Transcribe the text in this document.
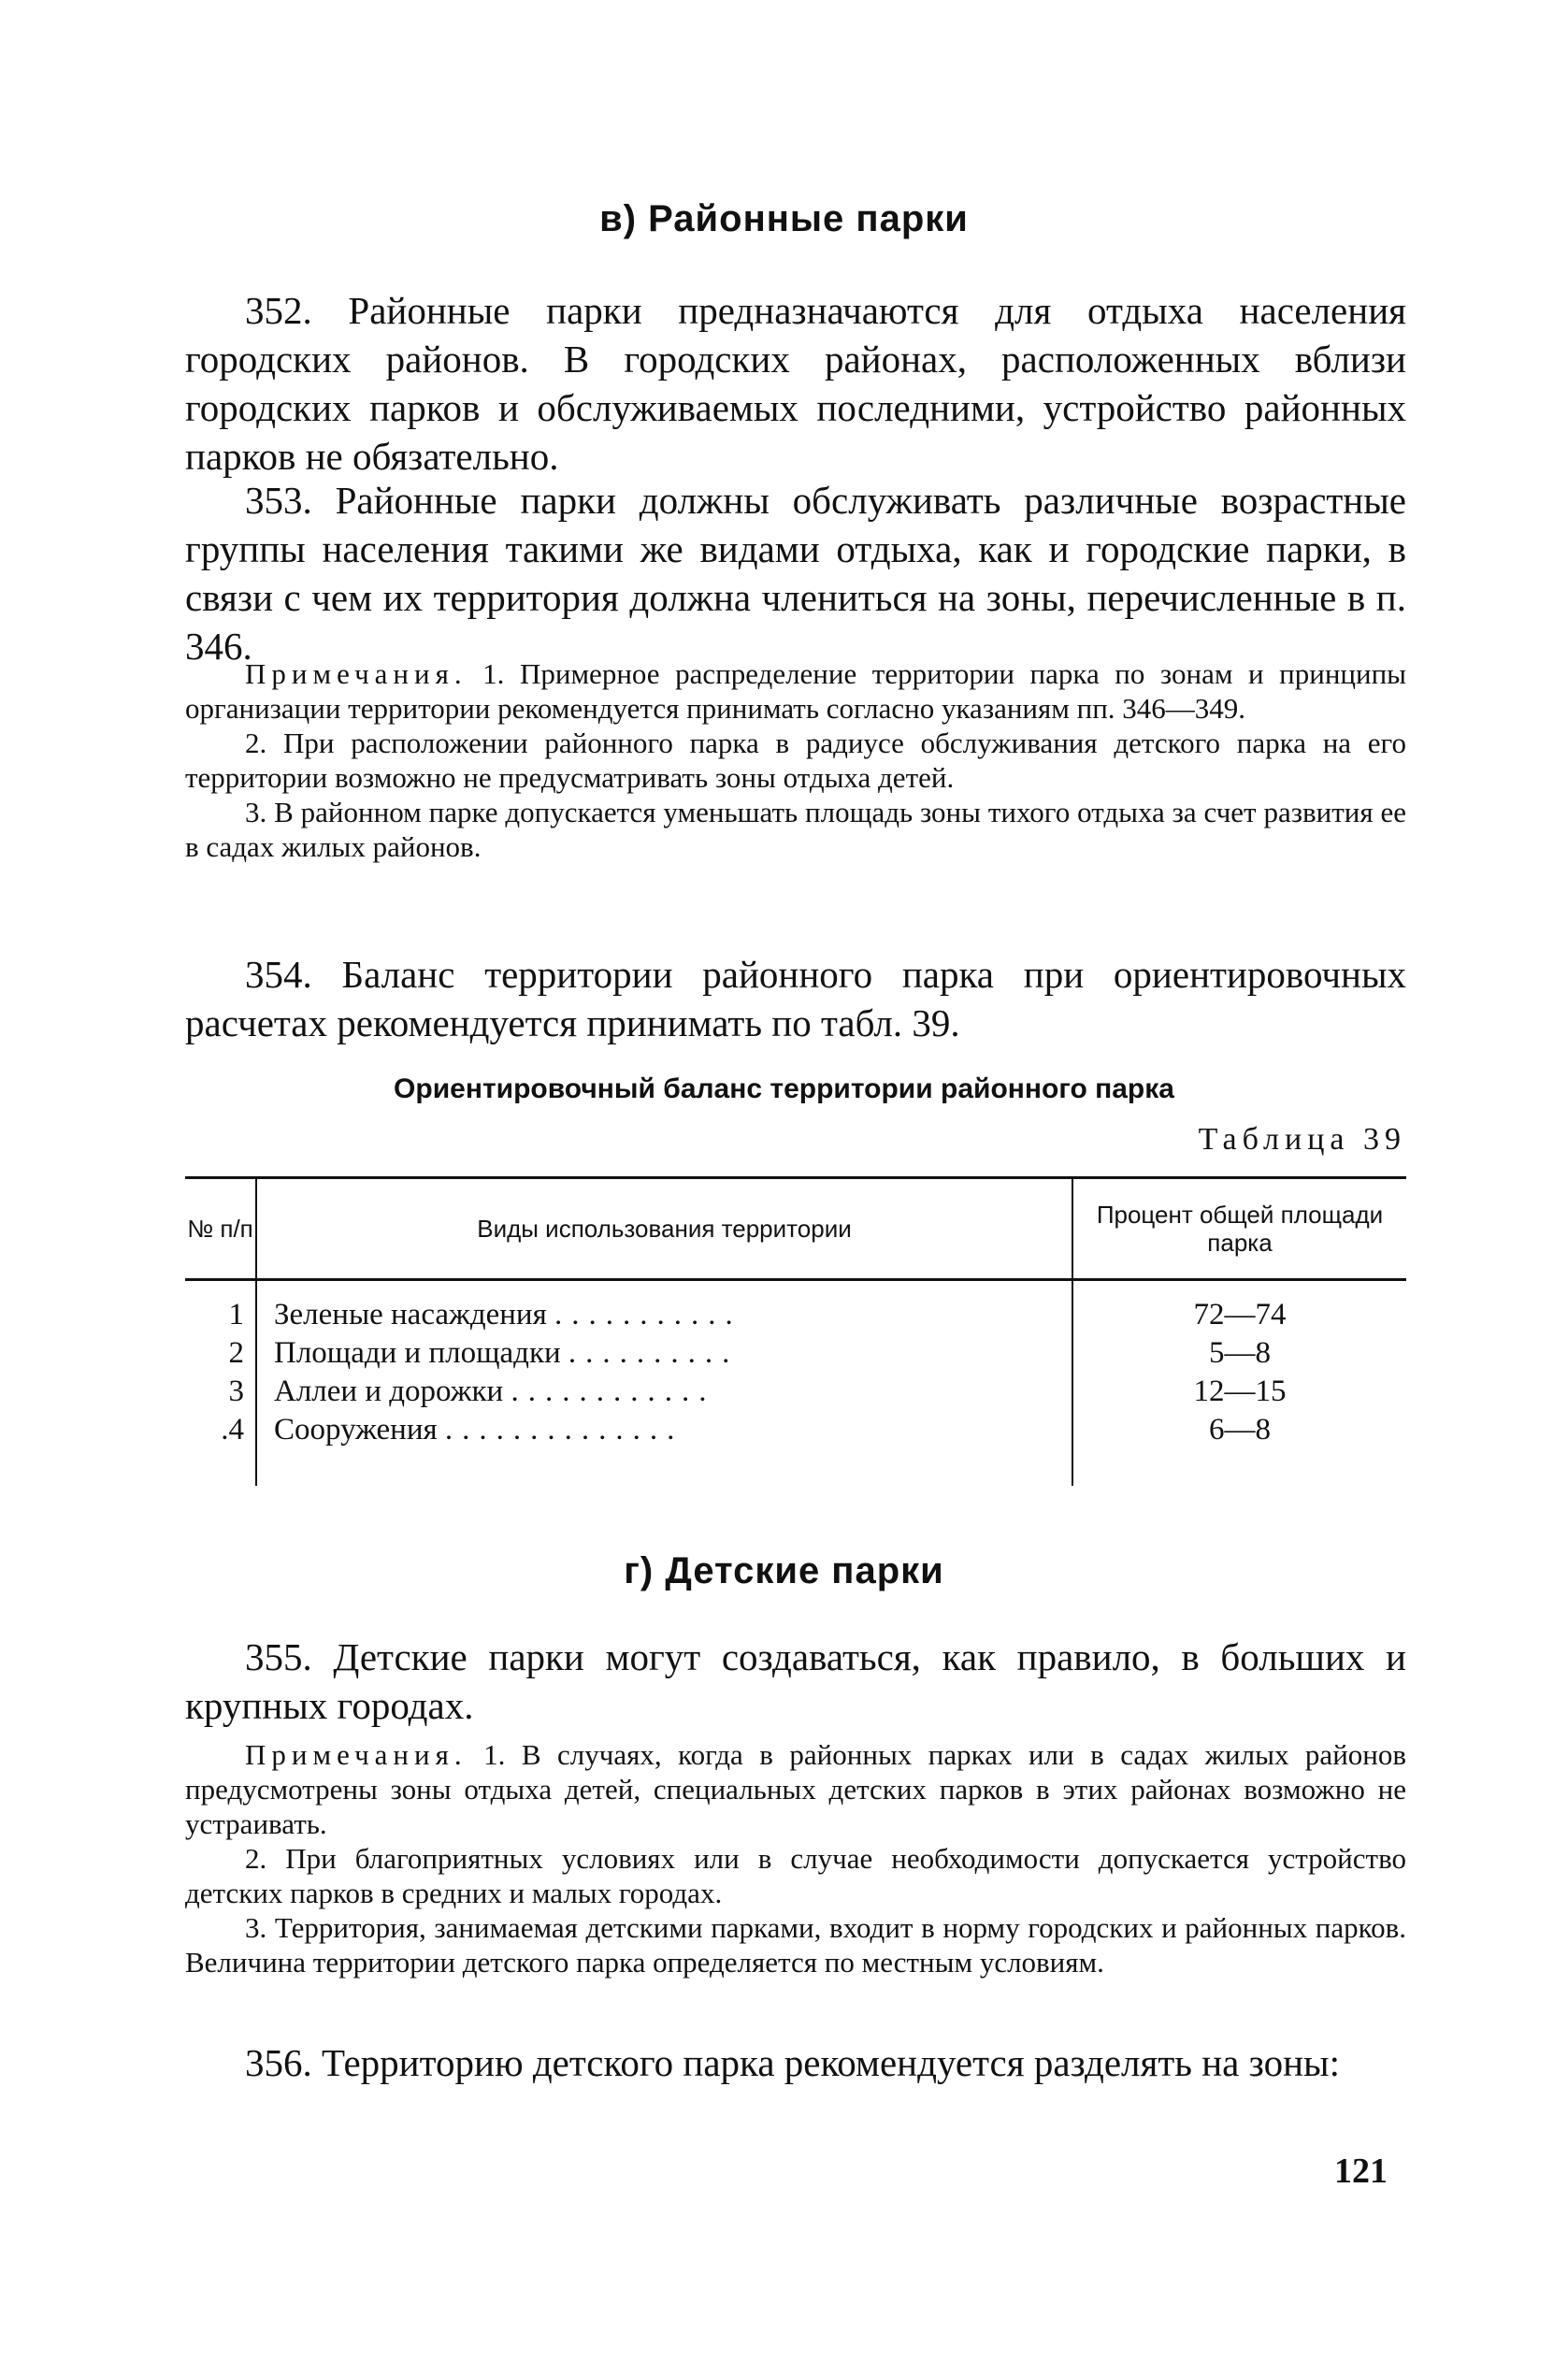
в) Районные парки

352. Районные парки предназначаются для отдыха населения городских районов. В городских районах, расположенных вблизи городских парков и обслуживаемых последними, устройство районных парков не обязательно.

353. Районные парки должны обслуживать различные возрастные группы населения такими же видами отдыха, как и городские парки, в связи с чем их территория должна члениться на зоны, перечисленные в п. 346.

Примечания. 1. Примерное распределение территории парка по зонам и принципы организации территории рекомендуется принимать согласно указаниям пп. 346—349.

2. При расположении районного парка в радиусе обслуживания детского парка на его территории возможно не предусматривать зоны отдыха детей.

3. В районном парке допускается уменьшать площадь зоны тихого отдыха за счет развития ее в садах жилых районов.

354. Баланс территории районного парка при ориентировочных расчетах рекомендуется принимать по табл. 39.

Ориентировочный баланс территории районного парка
Таблица 39
№ п/п	Виды использования территории	Процент общей площади парка

1	Зеленые насаждения ...........	72—74
2	Площади и площадки ..........	5—8
3	Аллеи и дорожки ............	12—15
.4	Сооружения ..............	6—8
г) Детские парки

355. Детские парки могут создаваться, как правило, в больших и крупных городах.

Примечания. 1. В случаях, когда в районных парках или в садах жилых районов предусмотрены зоны отдыха детей, специальных детских парков в этих районах возможно не устраивать.

2. При благоприятных условиях или в случае необходимости допускается устройство детских парков в средних и малых городах.

3. Территория, занимаемая детскими парками, входит в норму городских и районных парков. Величина территории детского парка определяется по местным условиям.

356. Территорию детского парка рекомендуется разделять на зоны:

121
